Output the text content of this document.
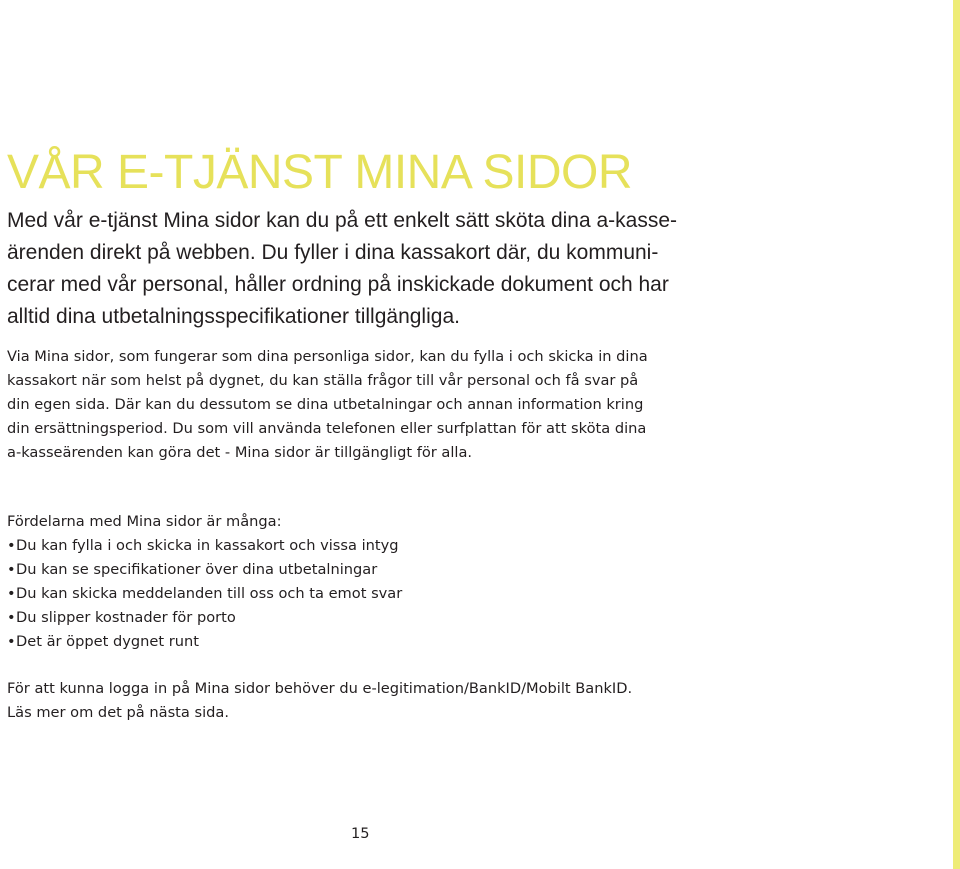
VÅR E-TJÄNST MINA SIDOR

Med vår e-tjänst Mina sidor kan du på ett enkelt sätt sköta dina a-kasse-
ärenden direkt på webben. Du fyller i dina kassakort där, du kommuni-
cerar med vår personal, håller ordning på inskickade dokument och har
alltid dina utbetalningsspecifikationer tillgängliga.

Via Mina sidor, som fungerar som dina personliga sidor, kan du fylla i och skicka in dina
kassakort när som helst på dygnet, du kan ställa frågor till vår personal och få svar på
din egen sida. Där kan du dessutom se dina utbetalningar och annan information kring
din ersättningsperiod. Du som vill använda telefonen eller surfplattan för att sköta dina
a-kasseärenden kan göra det - Mina sidor är tillgängligt för alla.

Fördelarna med Mina sidor är många:

• Du kan fylla i och skicka in kassakort och vissa intyg
• Du kan se specifikationer över dina utbetalningar
• Du kan skicka meddelanden till oss och ta emot svar
• Du slipper kostnader för porto
• Det är öppet dygnet runt

För att kunna logga in på Mina sidor behöver du e-legitimation/BankID/Mobilt BankID.
Läs mer om det på nästa sida.

15
